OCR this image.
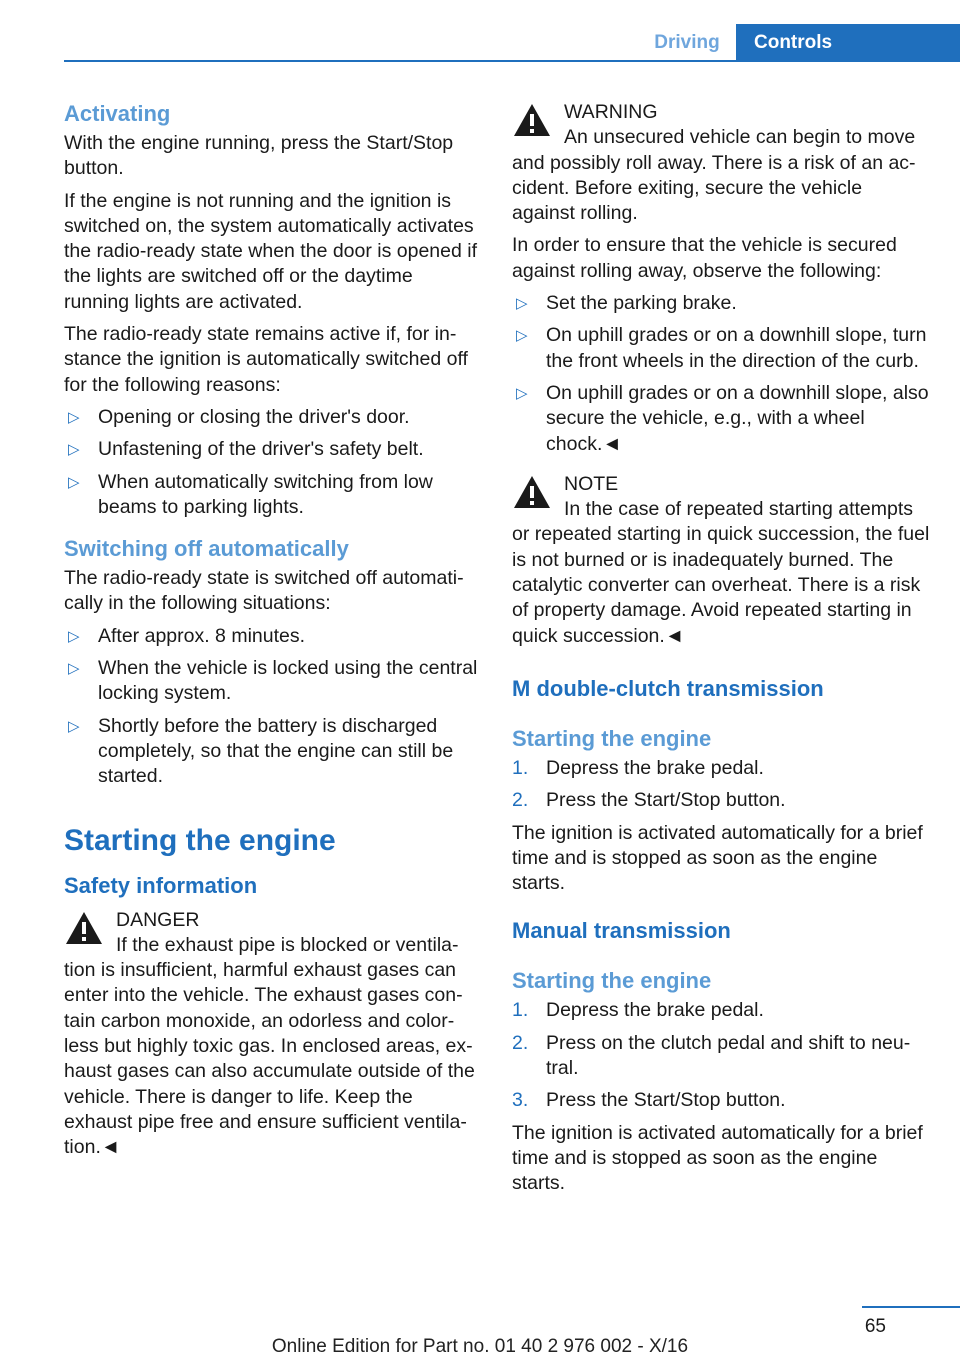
Driving	Controls
Activating

With the engine running, press the Start/Stop button.

If the engine is not running and the ignition is switched on, the system automatically activates the radio-ready state when the door is opened if the lights are switched off or the daytime running lights are activated.

The radio-ready state remains active if, for instance the ignition is automatically switched off for the following reasons:

▷ Opening or closing the driver's door.
▷ Unfastening of the driver's safety belt.
▷ When automatically switching from low beams to parking lights.
Switching off automatically

The radio-ready state is switched off automatically in the following situations:

▷ After approx. 8 minutes.
▷ When the vehicle is locked using the central locking system.
▷ Shortly before the battery is discharged completely, so that the engine can still be started.
Starting the engine
Safety information
DANGER
If the exhaust pipe is blocked or ventilation is insufficient, harmful exhaust gases can enter into the vehicle. The exhaust gases contain carbon monoxide, an odorless and colorless but highly toxic gas. In enclosed areas, exhaust gases can also accumulate outside of the vehicle. There is danger to life. Keep the exhaust pipe free and ensure sufficient ventilation.◄
WARNING
An unsecured vehicle can begin to move and possibly roll away. There is a risk of an accident. Before exiting, secure the vehicle against rolling.

In order to ensure that the vehicle is secured against rolling away, observe the following:

▷ Set the parking brake.
▷ On uphill grades or on a downhill slope, turn the front wheels in the direction of the curb.
▷ On uphill grades or on a downhill slope, also secure the vehicle, e.g., with a wheel chock.◄
NOTE
In the case of repeated starting attempts or repeated starting in quick succession, the fuel is not burned or is inadequately burned. The catalytic converter can overheat. There is a risk of property damage. Avoid repeated starting in quick succession.◄
M double-clutch transmission
Starting the engine
1. Depress the brake pedal.
2. Press the Start/Stop button.

The ignition is activated automatically for a brief time and is stopped as soon as the engine starts.

Manual transmission
Starting the engine
1. Depress the brake pedal.
2. Press on the clutch pedal and shift to neutral.
3. Press the Start/Stop button.

The ignition is activated automatically for a brief time and is stopped as soon as the engine starts.

65
Online Edition for Part no. 01 40 2 976 002 - X/16
